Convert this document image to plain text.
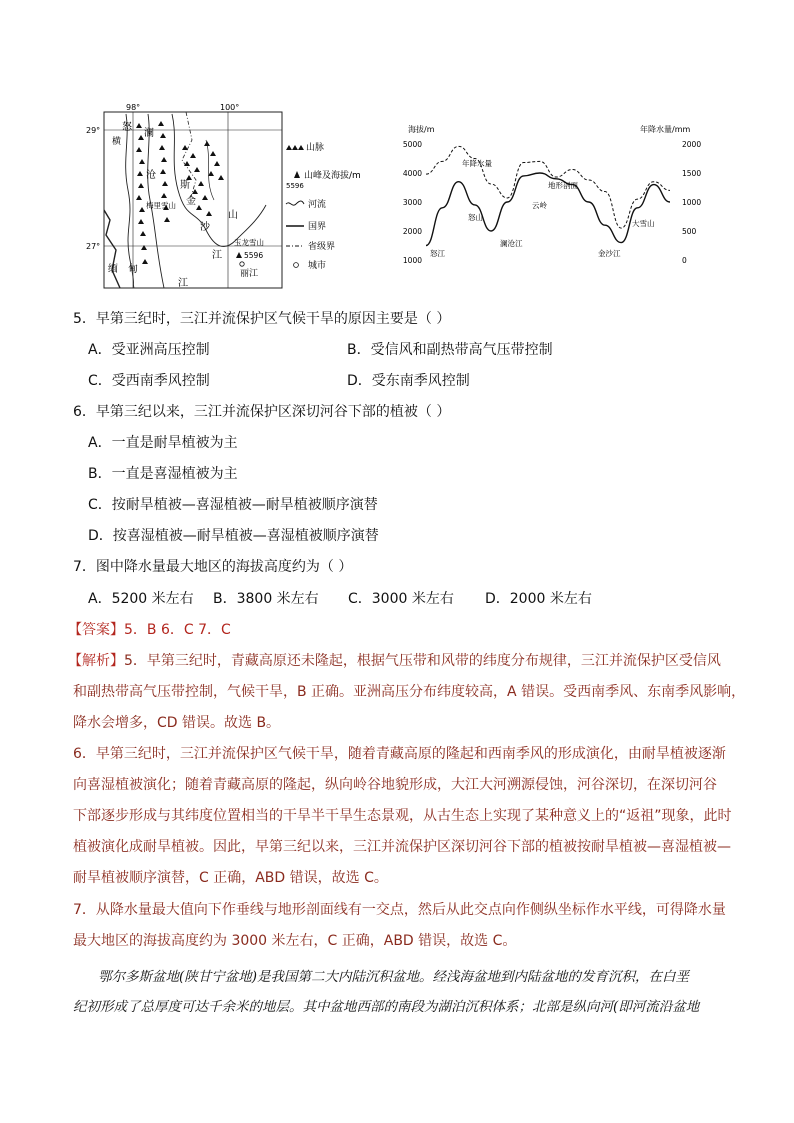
98°	100°
29°
27°
横
怒
澜
沧
金
沙
江
江
斯
山
缅 甸
梅里雪山
玉龙雪山
5596
丽江
山脉
山峰及海拔/m
5596
河流
国界
省级界
城市
海拔/m	年降水量/mm
5000
4000
3000
2000
1000
2000
1500
1000
500
0
年降水量
地形剖面
怒江
怒山
澜沧江
云岭
金沙江
大雪山
5．早第三纪时，三江并流保护区气候干旱的原因主要是（ ）
A．受亚洲高压控制	B．受信风和副热带高气压带控制
C．受西南季风控制	D．受东南季风控制
6．早第三纪以来，三江并流保护区深切河谷下部的植被（ ）
A．一直是耐旱植被为主
B．一直是喜湿植被为主
C．按耐旱植被—喜湿植被—耐旱植被顺序演替
D．按喜湿植被—耐旱植被—喜湿植被顺序演替
7．图中降水量最大地区的海拔高度约为（ ）
A．5200 米左右 B．3800 米左右 C．3000 米左右 D．2000 米左右
【答案】5．B 6．C 7．C
【解析】5．早第三纪时，青藏高原还未隆起，根据气压带和风带的纬度分布规律，三江并流保护区受信风
和副热带高气压带控制，气候干旱，B 正确。亚洲高压分布纬度较高，A 错误。受西南季风、东南季风影响，
降水会增多，CD 错误。故选 B。
6．早第三纪时，三江并流保护区气候干旱，随着青藏高原的隆起和西南季风的形成演化，由耐旱植被逐渐
向喜湿植被演化；随着青藏高原的隆起，纵向岭谷地貌形成，大江大河溯源侵蚀，河谷深切，在深切河谷
下部逐步形成与其纬度位置相当的干旱半干旱生态景观，从古生态上实现了某种意义上的“返祖”现象，此时
植被演化成耐旱植被。因此，早第三纪以来，三江并流保护区深切河谷下部的植被按耐旱植被—喜湿植被—
耐旱植被顺序演替，C 正确，ABD 错误，故选 C。
7．从降水量最大值向下作垂线与地形剖面线有一交点，然后从此交点向作侧纵坐标作水平线，可得降水量
最大地区的海拔高度约为 3000 米左右，C 正确，ABD 错误，故选 C。
鄂尔多斯盆地(陕甘宁盆地)是我国第二大内陆沉积盆地。经浅海盆地到内陆盆地的发育沉积，在白垩
纪初形成了总厚度可达千余米的地层。其中盆地西部的南段为湖泊沉积体系；北部是纵向河(即河流沿盆地
